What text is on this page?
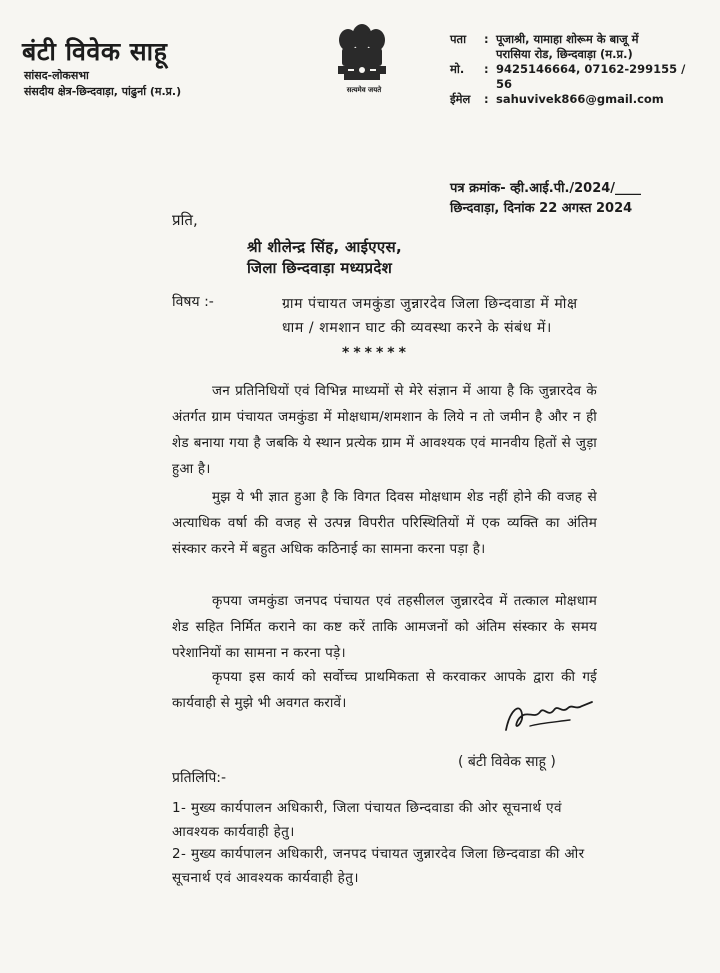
बंटी विवेक साहू
सांसद-लोकसभा
संसदीय क्षेत्र-छिन्दवाड़ा, पांढुर्ना (म.प्र.)	सत्यमेव जयते
पता	: पूजाश्री, यामाहा शोरूम के बाजू में
परासिया रोड, छिन्दवाड़ा (म.प्र.)
मो.	: 9425146664, 07162-299155 / 56
ईमेल	: sahuvivek866@gmail.com
पत्र क्रमांक- व्ही.आई.पी./2024/____
छिन्दवाड़ा, दिनांक 22 अगस्त 2024
प्रति,
श्री शीलेन्द्र सिंह, आईएएस,
जिला छिन्दवाड़ा मध्यप्रदेश
विषय :-	ग्राम पंचायत जमकुंडा जुन्नारदेव जिला छिन्दवाडा में मोक्ष धाम / शमशान घाट की व्यवस्था करने के संबंध में।
******
जन प्रतिनिधियों एवं विभिन्न माध्यमों से मेरे संज्ञान में आया है कि जुन्नारदेव के अंतर्गत ग्राम पंचायत जमकुंडा में मोक्षधाम/शमशान के लिये न तो जमीन है और न ही शेड बनाया गया है जबकि ये स्थान प्रत्येक ग्राम में आवश्यक एवं मानवीय हितों से जुड़ा हुआ है।
मुझ ये भी ज्ञात हुआ है कि विगत दिवस मोक्षधाम शेड नहीं होने की वजह से अत्याधिक वर्षा की वजह से उत्पन्न विपरीत परिस्थितियों में एक व्यक्ति का अंतिम संस्कार करने में बहुत अधिक कठिनाई का सामना करना पड़ा है।
कृपया जमकुंडा जनपद पंचायत एवं तहसीलल जुन्नारदेव में तत्काल मोक्षधाम शेड सहित निर्मित कराने का कष्ट करें ताकि आमजनों को अंतिम संस्कार के समय परेशानियों का सामना न करना पड़े।
कृपया इस कार्य को सर्वोच्च प्राथमिकता से करवाकर आपके द्वारा की गई कार्यवाही से मुझे भी अवगत करावें।
( बंटी विवेक साहू )
प्रतिलिपि:-
1- मुख्य कार्यपालन अधिकारी, जिला पंचायत छिन्दवाडा की ओर सूचनार्थ एवं आवश्यक कार्यवाही हेतु।
2- मुख्य कार्यपालन अधिकारी, जनपद पंचायत जुन्नारदेव जिला छिन्दवाडा की ओर सूचनार्थ एवं आवश्यक कार्यवाही हेतु।
